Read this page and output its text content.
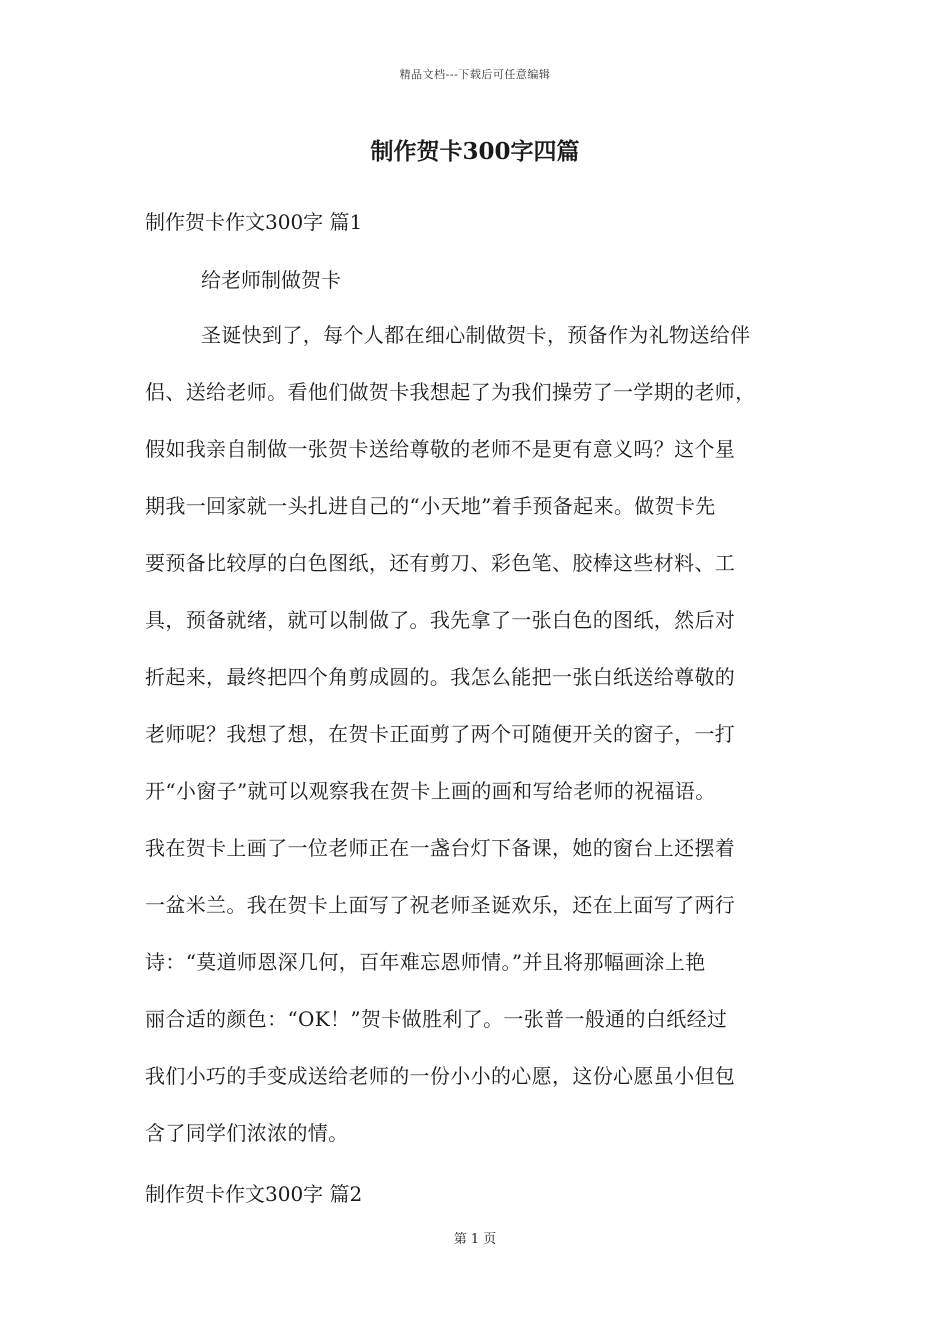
精品文档---下载后可任意编辑
制作贺卡300字四篇
制作贺卡作文300字 篇1
给老师制做贺卡
圣诞快到了，每个人都在细心制做贺卡，预备作为礼物送给伴
侣、送给老师。看他们做贺卡我想起了为我们操劳了一学期的老师，
假如我亲自制做一张贺卡送给尊敬的老师不是更有意义吗？这个星
期我一回家就一头扎进自己的“小天地”着手预备起来。做贺卡先
要预备比较厚的白色图纸，还有剪刀、彩色笔、胶棒这些材料、工
具，预备就绪，就可以制做了。我先拿了一张白色的图纸，然后对
折起来，最终把四个角剪成圆的。我怎么能把一张白纸送给尊敬的
老师呢？我想了想，在贺卡正面剪了两个可随便开关的窗子，一打
开“小窗子”就可以观察我在贺卡上画的画和写给老师的祝福语。
我在贺卡上画了一位老师正在一盏台灯下备课，她的窗台上还摆着
一盆米兰。我在贺卡上面写了祝老师圣诞欢乐，还在上面写了两行
诗：“莫道师恩深几何，百年难忘恩师情。”并且将那幅画涂上艳
丽合适的颜色：“OK！”贺卡做胜利了。一张普一般通的白纸经过
我们小巧的手变成送给老师的一份小小的心愿，这份心愿虽小但包
含了同学们浓浓的情。
制作贺卡作文300字 篇2
第 1 页
